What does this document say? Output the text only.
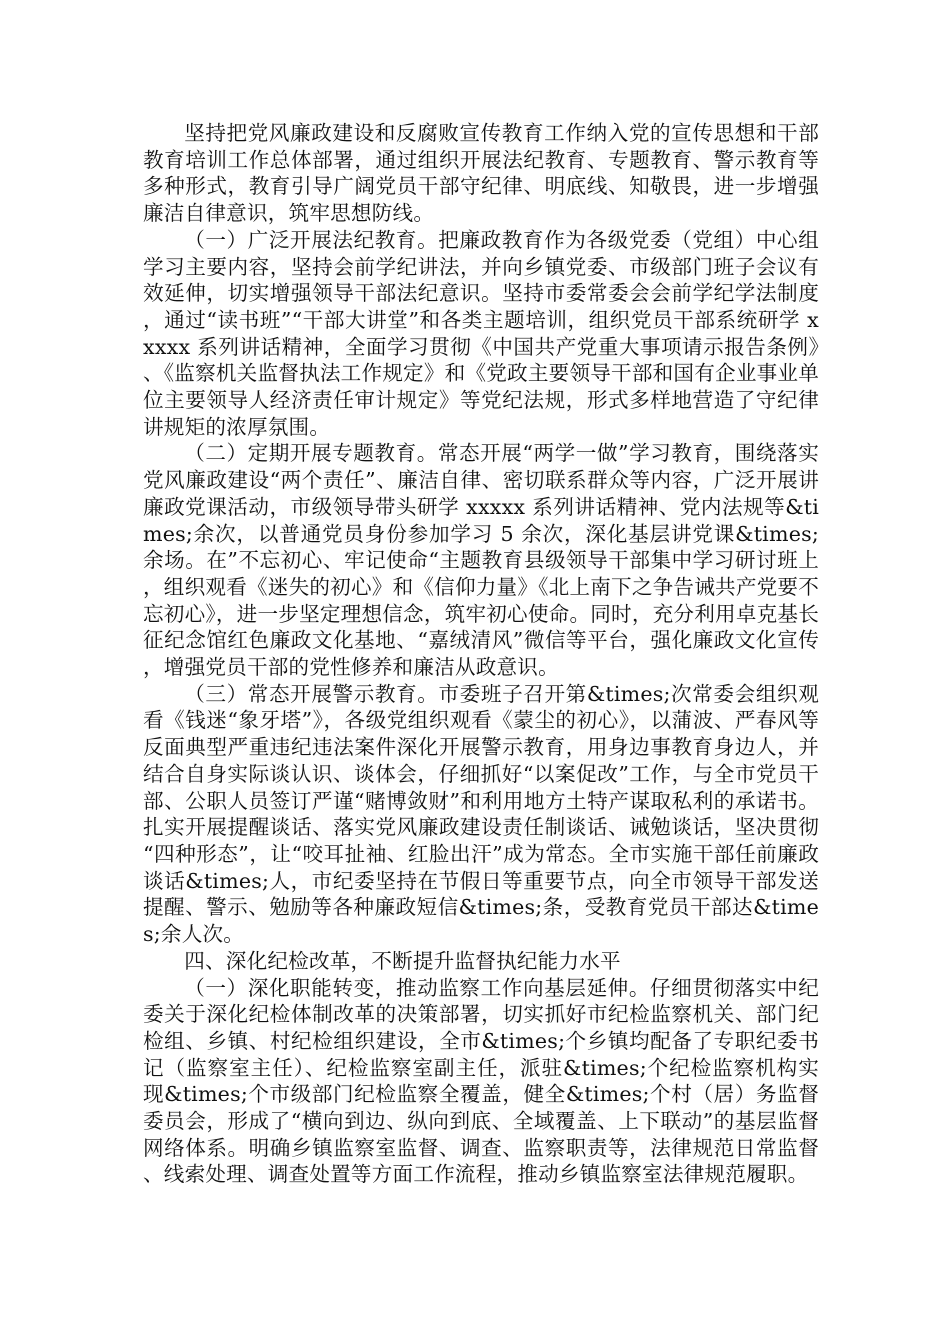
坚持把党风廉政建设和反腐败宣传教育工作纳入党的宣传思想和干部教育培训工作总体部署，通过组织开展法纪教育、专题教育、警示教育等多种形式，教育引导广阔党员干部守纪律、明底线、知敬畏，进一步增强廉洁自律意识，筑牢思想防线。

（一）广泛开展法纪教育。把廉政教育作为各级党委（党组）中心组学习主要内容，坚持会前学纪讲法，并向乡镇党委、市级部门班子会议有效延伸，切实增强领导干部法纪意识。坚持市委常委会会前学纪学法制度，通过“读书班”“干部大讲堂”和各类主题培训，组织党员干部系统研学 xxxxx 系列讲话精神，全面学习贯彻《中国共产党重大事项请示报告条例》、《监察机关监督执法工作规定》和《党政主要领导干部和国有企业事业单位主要领导人经济责任审计规定》等党纪法规，形式多样地营造了守纪律讲规矩的浓厚氛围。

（二）定期开展专题教育。常态开展“两学一做”学习教育，围绕落实党风廉政建设“两个责任”、廉洁自律、密切联系群众等内容，广泛开展讲廉政党课活动，市级领导带头研学 xxxxx 系列讲话精神、党内法规等&times;余次，以普通党员身份参加学习 5 余次，深化基层讲党课&times;余场。在”不忘初心、牢记使命“主题教育县级领导干部集中学习研讨班上，组织观看《迷失的初心》和《信仰力量》《北上南下之争告诫共产党要不忘初心》，进一步坚定理想信念，筑牢初心使命。同时，充分利用卓克基长征纪念馆红色廉政文化基地、“嘉绒清风”微信等平台，强化廉政文化宣传，增强党员干部的党性修养和廉洁从政意识。

（三）常态开展警示教育。市委班子召开第&times;次常委会组织观看《钱迷“象牙塔”》，各级党组织观看《蒙尘的初心》，以蒲波、严春风等反面典型严重违纪违法案件深化开展警示教育，用身边事教育身边人，并结合自身实际谈认识、谈体会，仔细抓好“以案促改”工作，与全市党员干部、公职人员签订严谨“赌博敛财”和利用地方土特产谋取私利的承诺书。扎实开展提醒谈话、落实党风廉政建设责任制谈话、诫勉谈话，坚决贯彻“四种形态”，让“咬耳扯袖、红脸出汗”成为常态。全市实施干部任前廉政谈话&times;人，市纪委坚持在节假日等重要节点，向全市领导干部发送提醒、警示、勉励等各种廉政短信&times;条，受教育党员干部达&times;余人次。

四、深化纪检改革，不断提升监督执纪能力水平

（一）深化职能转变，推动监察工作向基层延伸。仔细贯彻落实中纪委关于深化纪检体制改革的决策部署，切实抓好市纪检监察机关、部门纪检组、乡镇、村纪检组织建设，全市&times;个乡镇均配备了专职纪委书记（监察室主任）、纪检监察室副主任，派驻&times;个纪检监察机构实现&times;个市级部门纪检监察全覆盖，健全&times;个村（居）务监督委员会，形成了“横向到边、纵向到底、全域覆盖、上下联动”的基层监督网络体系。明确乡镇监察室监督、调查、监察职责等，法律规范日常监督、线索处理、调查处置等方面工作流程，推动乡镇监察室法律规范履职。
